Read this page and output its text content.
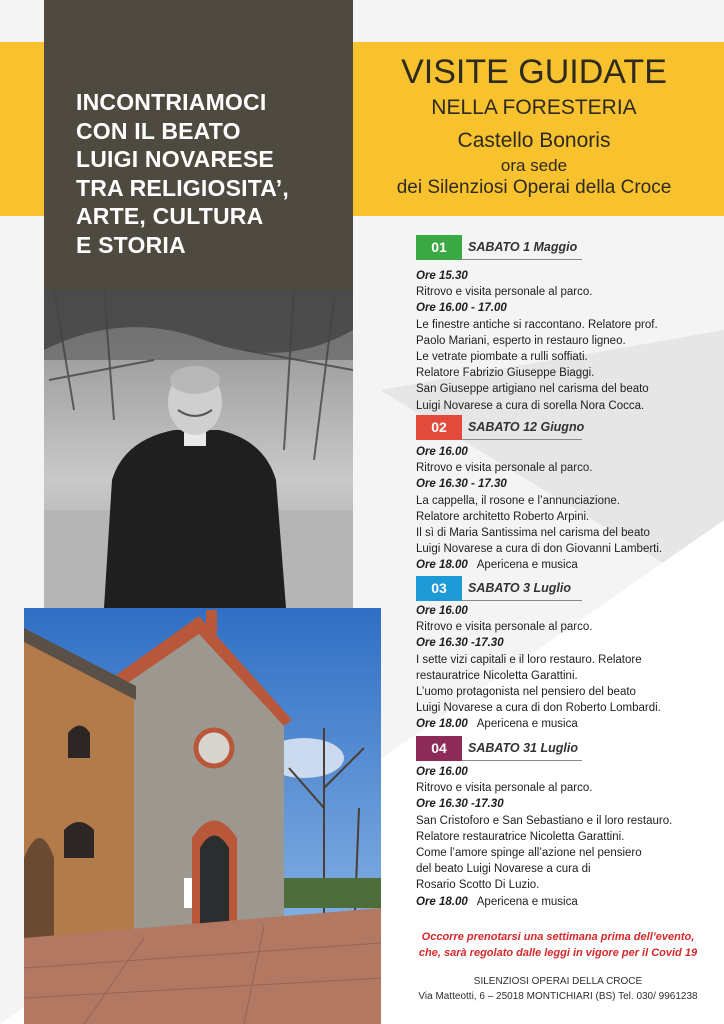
INCONTRIAMOCI
CON IL BEATO
LUIGI NOVARESE
TRA RELIGIOSITA’,
ARTE, CULTURA
E STORIA
VISITE GUIDATE
NELLA FORESTERIA
Castello Bonoris
ora sede
dei Silenziosi Operai della Croce
01	SABATO 1 Maggio
Ore 15.30
Ritrovo e visita personale al parco.
Ore 16.00 - 17.00
Le finestre antiche si raccontano. Relatore prof.
Paolo Mariani, esperto in restauro ligneo.
Le vetrate piombate a rulli soffiati.
Relatore Fabrizio Giuseppe Biaggi.
San Giuseppe artigiano nel carisma del beato
Luigi Novarese a cura di sorella Nora Cocca.
02	SABATO 12 Giugno
Ore 16.00
Ritrovo e visita personale al parco.
Ore 16.30 - 17.30
La cappella, il rosone e l’annunciazione.
Relatore architetto Roberto Arpini.
Il sì di Maria Santissima nel carisma del beato
Luigi Novarese a cura di don Giovanni Lamberti.
Ore 18.00 Apericena e musica
03	SABATO 3 Luglio
Ore 16.00
Ritrovo e visita personale al parco.
Ore 16.30 -17.30
I sette vizi capitali e il loro restauro. Relatore
restauratrice Nicoletta Garattini.
L’uomo protagonista nel pensiero del beato
Luigi Novarese a cura di don Roberto Lombardi.
Ore 18.00 Apericena e musica
04	SABATO 31 Luglio
Ore 16.00
Ritrovo e visita personale al parco.
Ore 16.30 -17.30
San Cristoforo e San Sebastiano e il loro restauro.
Relatore restauratrice Nicoletta Garattini.
Come l’amore spinge all’azione nel pensiero
del beato Luigi Novarese a cura di
Rosario Scotto Di Luzio.
Ore 18.00 Apericena e musica
Occorre prenotarsi una settimana prima dell’evento,
che, sarà regolato dalle leggi in vigore per il Covid 19
SILENZIOSI OPERAI DELLA CROCE
Via Matteotti, 6 – 25018 MONTICHIARI (BS) Tel. 030/ 9961238
